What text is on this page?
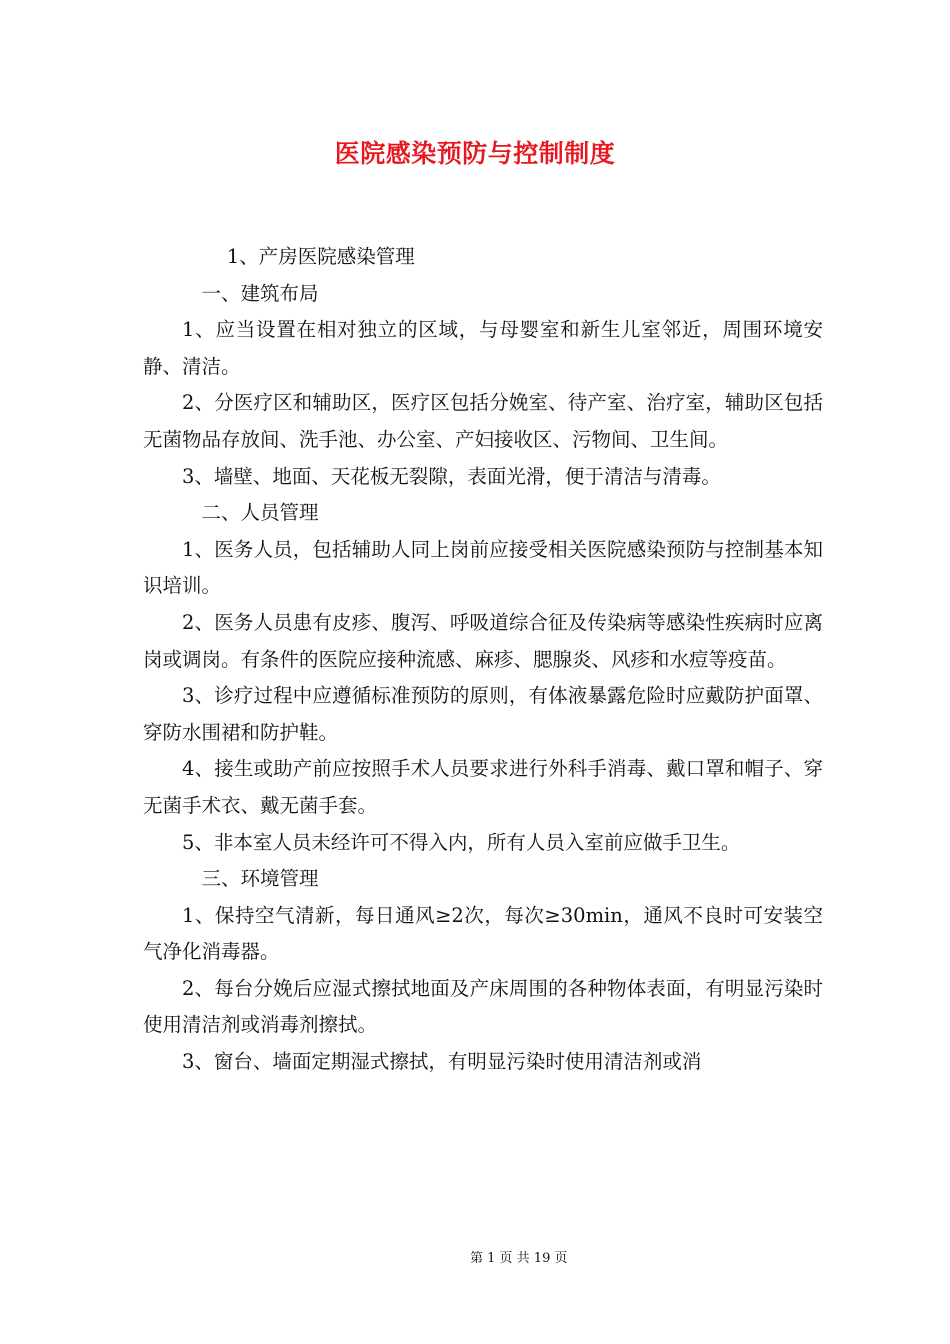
医院感染预防与控制制度

1、产房医院感染管理

一、建筑布局

1、应当设置在相对独立的区域，与母婴室和新生儿室邻近，周围环境安静、清洁。

2、分医疗区和辅助区，医疗区包括分娩室、待产室、治疗室，辅助区包括无菌物品存放间、洗手池、办公室、产妇接收区、污物间、卫生间。

3、墙壁、地面、天花板无裂隙，表面光滑，便于清洁与清毒。

二、人员管理

1、医务人员，包括辅助人同上岗前应接受相关医院感染预防与控制基本知识培训。

2、医务人员患有皮疹、腹泻、呼吸道综合征及传染病等感染性疾病时应离岗或调岗。有条件的医院应接种流感、麻疹、腮腺炎、风疹和水痘等疫苗。

3、诊疗过程中应遵循标准预防的原则，有体液暴露危险时应戴防护面罩、穿防水围裙和防护鞋。

4、接生或助产前应按照手术人员要求进行外科手消毒、戴口罩和帽子、穿无菌手术衣、戴无菌手套。

5、非本室人员未经许可不得入内，所有人员入室前应做手卫生。

三、环境管理

1、保持空气清新，每日通风≥2次，每次≥30min，通风不良时可安装空气净化消毒器。

2、每台分娩后应湿式擦拭地面及产床周围的各种物体表面，有明显污染时使用清洁剂或消毒剂擦拭。

3、窗台、墙面定期湿式擦拭，有明显污染时使用清洁剂或消

第 1 页 共 19 页
